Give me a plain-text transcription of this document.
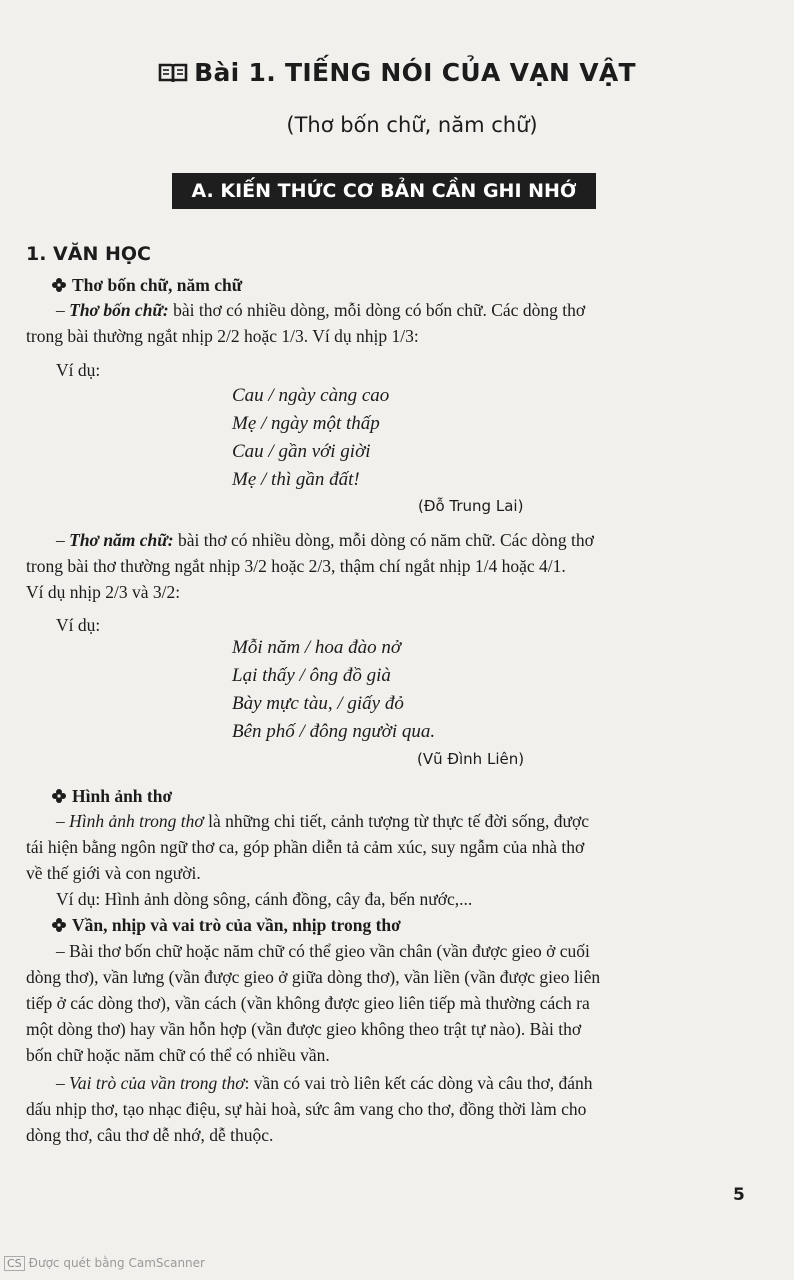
Bài 1. TIẾNG NÓI CỦA VẠN VẬT
(Thơ bốn chữ, năm chữ)
A. KIẾN THỨC CƠ BẢN CẦN GHI NHỚ
1. VĂN HỌC
Thơ bốn chữ, năm chữ
– Thơ bốn chữ: bài thơ có nhiều dòng, mỗi dòng có bốn chữ. Các dòng thơ
trong bài thường ngắt nhịp 2/2 hoặc 1/3. Ví dụ nhịp 1/3:
Ví dụ:
Cau / ngày càng cao
Mẹ / ngày một thấp
Cau / gần với giời
Mẹ / thì gần đất!
(Đỗ Trung Lai)
– Thơ năm chữ: bài thơ có nhiều dòng, mỗi dòng có năm chữ. Các dòng thơ
trong bài thơ thường ngắt nhịp 3/2 hoặc 2/3, thậm chí ngắt nhịp 1/4 hoặc 4/1.
Ví dụ nhịp 2/3 và 3/2:
Ví dụ:
Mỗi năm / hoa đào nở
Lại thấy / ông đồ già
Bày mực tàu, / giấy đỏ
Bên phố / đông người qua.
(Vũ Đình Liên)
Hình ảnh thơ
– Hình ảnh trong thơ là những chi tiết, cảnh tượng từ thực tế đời sống, được
tái hiện bằng ngôn ngữ thơ ca, góp phần diễn tả cảm xúc, suy ngẫm của nhà thơ
về thế giới và con người.
Ví dụ: Hình ảnh dòng sông, cánh đồng, cây đa, bến nước,...
Vần, nhịp và vai trò của vần, nhịp trong thơ
– Bài thơ bốn chữ hoặc năm chữ có thể gieo vần chân (vần được gieo ở cuối
dòng thơ), vần lưng (vần được gieo ở giữa dòng thơ), vần liền (vần được gieo liên
tiếp ở các dòng thơ), vần cách (vần không được gieo liên tiếp mà thường cách ra
một dòng thơ) hay vần hỗn hợp (vần được gieo không theo trật tự nào). Bài thơ
bốn chữ hoặc năm chữ có thể có nhiều vần.
– Vai trò của vần trong thơ: vần có vai trò liên kết các dòng và câu thơ, đánh
dấu nhịp thơ, tạo nhạc điệu, sự hài hoà, sức âm vang cho thơ, đồng thời làm cho
dòng thơ, câu thơ dễ nhớ, dễ thuộc.
5
CS Được quét bằng CamScanner
